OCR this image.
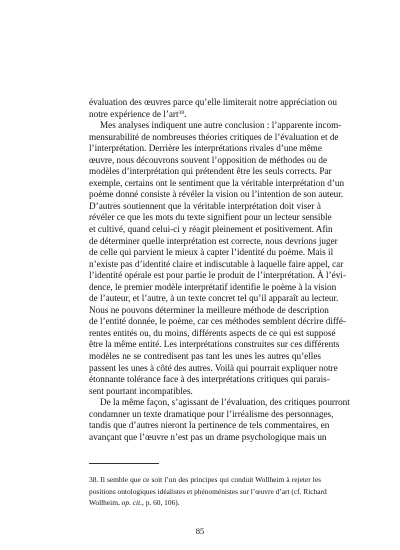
évaluation des œuvres parce qu’elle limiterait notre appréciation ou
notre expérience de l’art$^{38}$.
Mes analyses indiquent une autre conclusion : l’apparente incom-
mensurabilité de nombreuses théories critiques de l’évaluation et de
l’interprétation. Derrière les interprétations rivales d’une même
œuvre, nous découvrons souvent l’opposition de méthodes ou de
modèles d’interprétation qui prétendent être les seuls corrects. Par
exemple, certains ont le sentiment que la véritable interprétation d’un
poème donné consiste à révéler la vision ou l’intention de son auteur.
D’autres soutiennent que la véritable interprétation doit viser à
révéler ce que les mots du texte signifient pour un lecteur sensible
et cultivé, quand celui-ci y réagit pleinement et positivement. Afin
de déterminer quelle interprétation est correcte, nous devrions juger
de celle qui parvient le mieux à capter l’identité du poème. Mais il
n’existe pas d’identité claire et indiscutable à laquelle faire appel, car
l’identité opérale est pour partie le produit de l’interprétation. À l’évi-
dence, le premier modèle interprétatif identifie le poème à la vision
de l’auteur, et l’autre, à un texte concret tel qu’il apparaît au lecteur.
Nous ne pouvons déterminer la meilleure méthode de description
de l’entité donnée, le poème, car ces méthodes semblent décrire diffé-
rentes entités ou, du moins, différents aspects de ce qui est supposé
être la même entité. Les interprétations construites sur ces différents
modèles ne se contredisent pas tant les unes les autres qu’elles
passent les unes à côté des autres. Voilà qui pourrait expliquer notre
étonnante tolérance face à des interprétations critiques qui parais-
sent pourtant incompatibles.
De la même façon, s’agissant de l’évaluation, des critiques pourront
condamner un texte dramatique pour l’irréalisme des personnages,
tandis que d’autres nieront la pertinence de tels commentaires, en
avançant que l’œuvre n’est pas un drame psychologique mais un
38. Il semble que ce soit l’un des principes qui conduit Wollheim à rejeter les
positions ontologiques idéalistes et phénoménistes sur l’œuvre d’art (cf. Richard
Wollheim, op. cit., p. 60, 106).
85
